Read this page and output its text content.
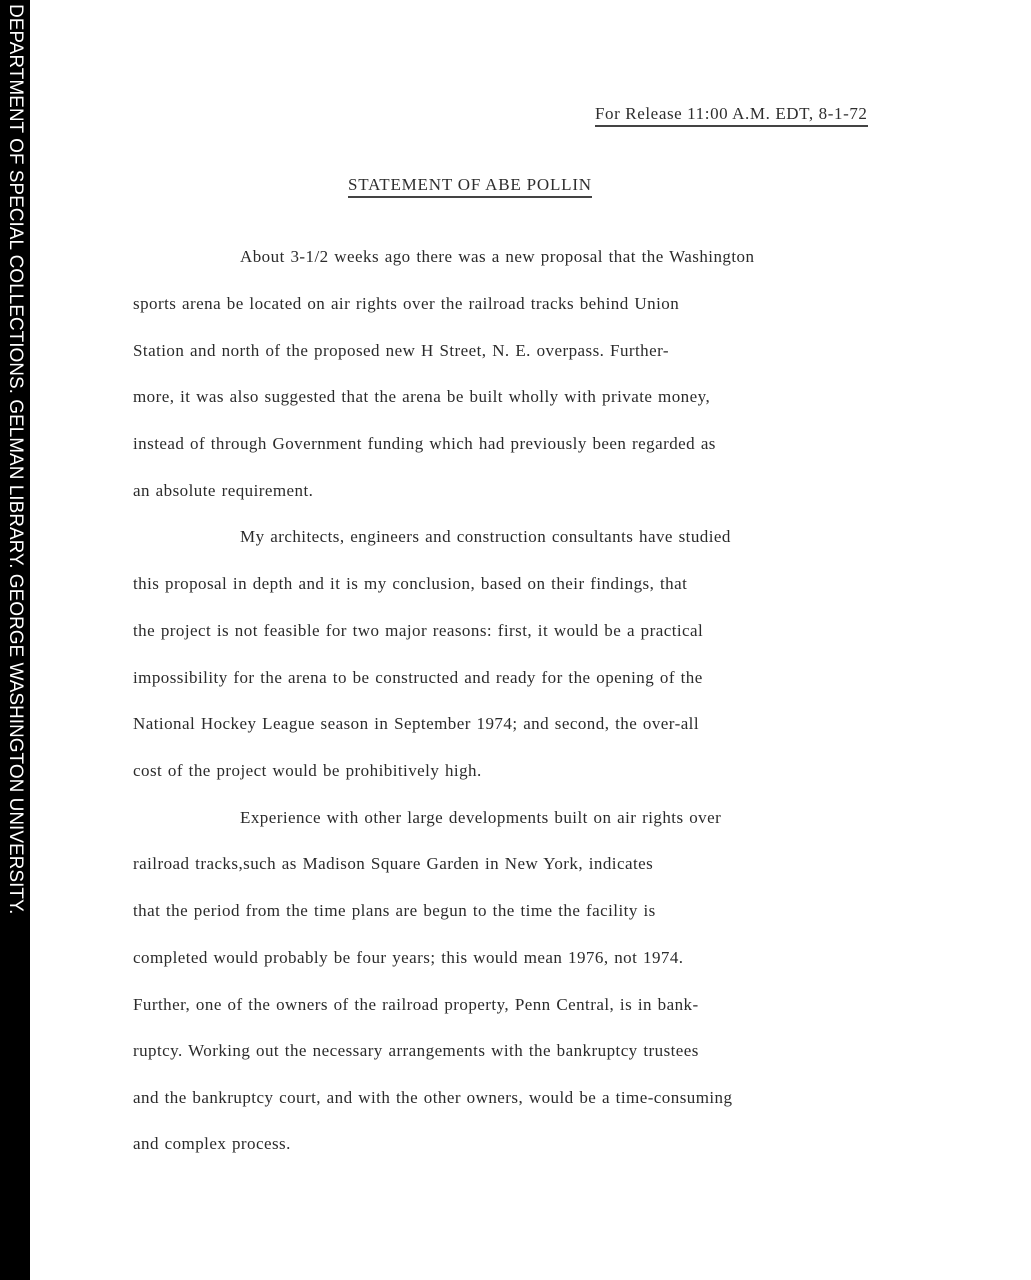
DEPARTMENT OF SPECIAL COLLECTIONS. GELMAN LIBRARY. GEORGE WASHINGTON UNIVERSITY.	For Release 11:00 A.M. EDT, 8-1-72
STATEMENT OF ABE POLLIN
About 3-1/2 weeks ago there was a new proposal that the Washington
sports arena be located on air rights over the railroad tracks behind Union
Station and north of the proposed new H Street, N. E. overpass. Further-
more, it was also suggested that the arena be built wholly with private money,
instead of through Government funding which had previously been regarded as
an absolute requirement.
My architects, engineers and construction consultants have studied
this proposal in depth and it is my conclusion, based on their findings, that
the project is not feasible for two major reasons: first, it would be a practical
impossibility for the arena to be constructed and ready for the opening of the
National Hockey League season in September 1974; and second, the over-all
cost of the project would be prohibitively high.
Experience with other large developments built on air rights over
railroad tracks,such as Madison Square Garden in New York, indicates
that the period from the time plans are begun to the time the facility is
completed would probably be four years; this would mean 1976, not 1974.
Further, one of the owners of the railroad property, Penn Central, is in bank-
ruptcy. Working out the necessary arrangements with the bankruptcy trustees
and the bankruptcy court, and with the other owners, would be a time-consuming
and complex process.
